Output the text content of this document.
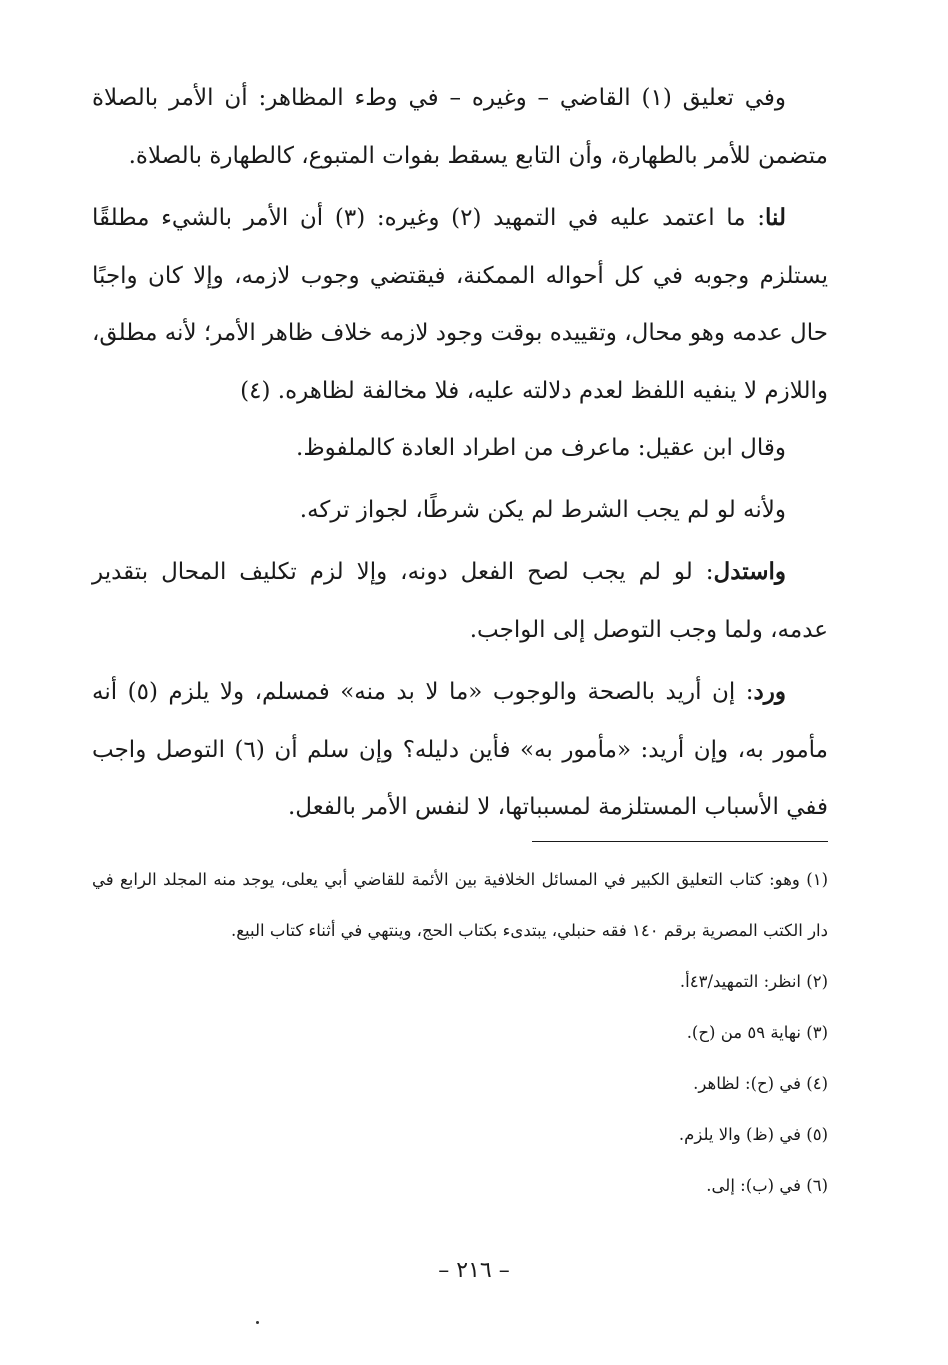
وفي تعليق (١) القاضي – وغيره – في وطء المظاهر: أن الأمر بالصلاة متضمن للأمر بالطهارة، وأن التابع يسقط بفوات المتبوع، كالطهارة بالصلاة.

لنا: ما اعتمد عليه في التمهيد (٢) وغيره: (٣) أن الأمر بالشيء مطلقًا يستلزم وجوبه في كل أحواله الممكنة، فيقتضي وجوب لازمه، وإلا كان واجبًا حال عدمه وهو محال، وتقييده بوقت وجود لازمه خلاف ظاهر الأمر؛ لأنه مطلق، واللازم لا ينفيه اللفظ لعدم دلالته عليه، فلا مخالفة لظاهره. (٤)

وقال ابن عقيل: ماعرف من اطراد العادة كالملفوظ.

ولأنه لو لم يجب الشرط لم يكن شرطًا، لجواز تركه.

واستدل: لو لم يجب لصح الفعل دونه، وإلا لزم تكليف المحال بتقدير عدمه، ولما وجب التوصل إلى الواجب.

ورد: إن أريد بالصحة والوجوب «ما لا بد منه» فمسلم، ولا يلزم (٥) أنه مأمور به، وإن أريد: «مأمور به» فأين دليله؟ وإن سلم أن (٦) التوصل واجب ففي الأسباب المستلزمة لمسبباتها، لا لنفس الأمر بالفعل.

(١) وهو: كتاب التعليق الكبير في المسائل الخلافية بين الأئمة للقاضي أبي يعلى، يوجد منه المجلد الرابع في دار الكتب المصرية برقم ١٤٠ فقه حنبلي، يبتدىء بكتاب الحج، وينتهي في أثناء كتاب البيع.

(٢) انظر: التمهيد/٤٣أ.

(٣) نهاية ٥٩ من (ح).

(٤) في (ح): لظاهر.

(٥) في (ظ) والا يلزم.

(٦) في (ب): إلى.

– ٢١٦ –
